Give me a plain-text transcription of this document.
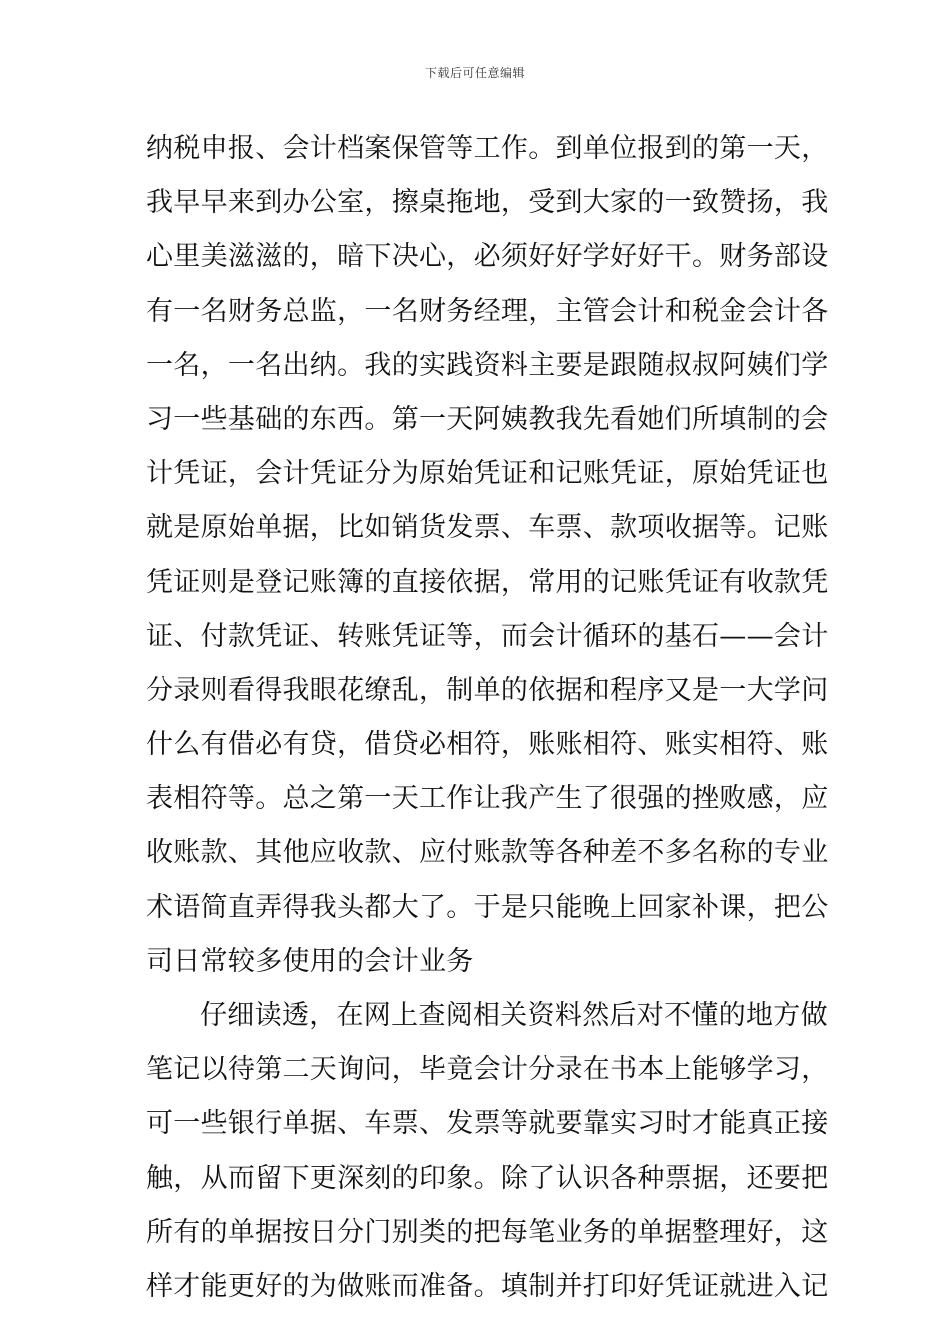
下载后可任意编辑
纳税申报、会计档案保管等工作。到单位报到的第一天，
我早早来到办公室，擦桌拖地，受到大家的一致赞扬，我
心里美滋滋的，暗下决心，必须好好学好好干。财务部设
有一名财务总监，一名财务经理，主管会计和税金会计各
一名，一名出纳。我的实践资料主要是跟随叔叔阿姨们学
习一些基础的东西。第一天阿姨教我先看她们所填制的会
计凭证，会计凭证分为原始凭证和记账凭证，原始凭证也
就是原始单据，比如销货发票、车票、款项收据等。记账
凭证则是登记账簿的直接依据，常用的记账凭证有收款凭
证、付款凭证、转账凭证等，而会计循环的基石——会计
分录则看得我眼花缭乱，制单的依据和程序又是一大学问
什么有借必有贷，借贷必相符，账账相符、账实相符、账
表相符等。总之第一天工作让我产生了很强的挫败感，应
收账款、其他应收款、应付账款等各种差不多名称的专业
术语简直弄得我头都大了。于是只能晚上回家补课，把公
司日常较多使用的会计业务
仔细读透，在网上查阅相关资料然后对不懂的地方做
笔记以待第二天询问，毕竟会计分录在书本上能够学习，
可一些银行单据、车票、发票等就要靠实习时才能真正接
触，从而留下更深刻的印象。除了认识各种票据，还要把
所有的单据按日分门别类的把每笔业务的单据整理好，这
样才能更好的为做账而准备。填制并打印好凭证就进入记
